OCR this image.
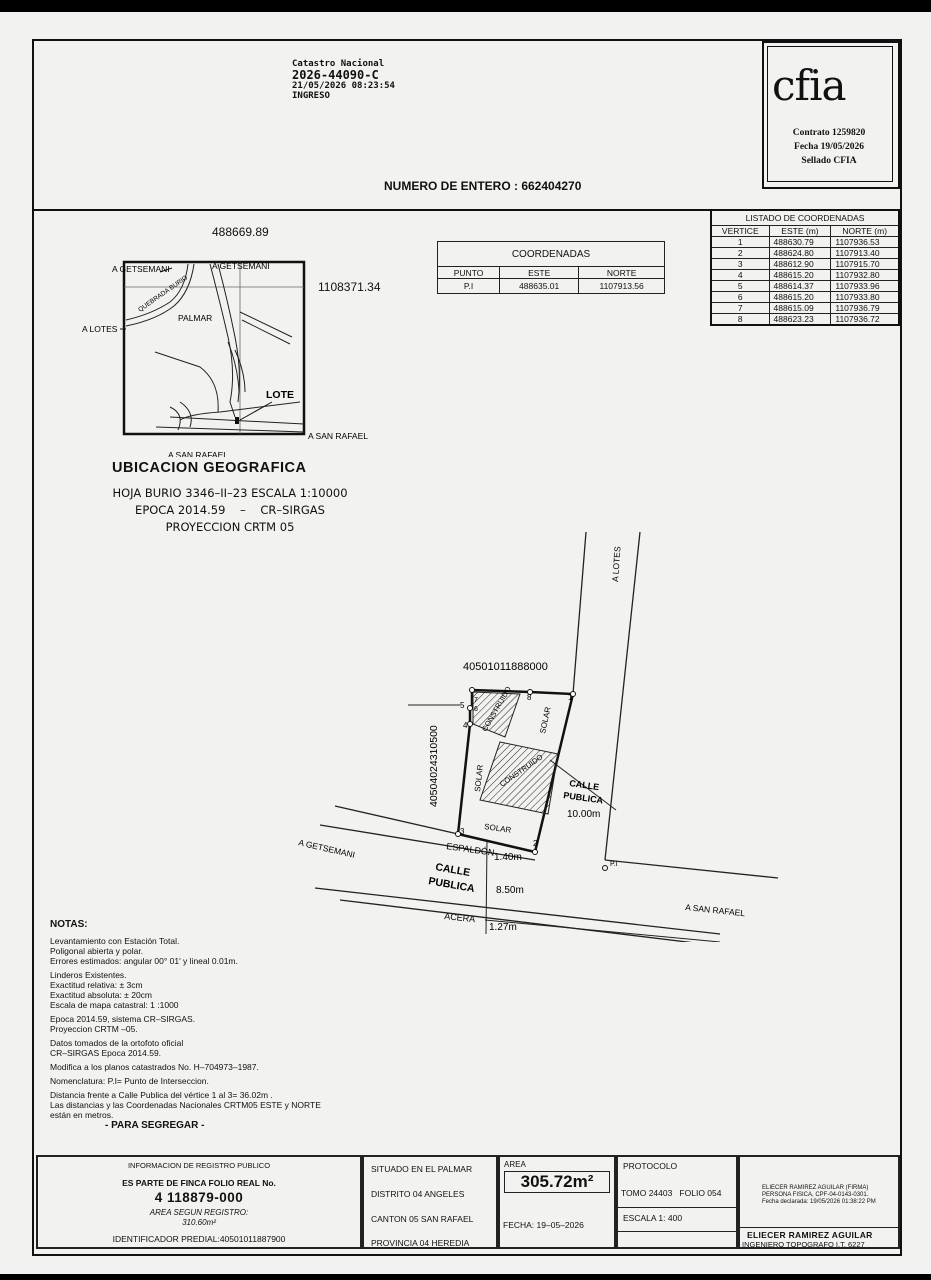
Catastro Nacional
2026-44090-C
21/05/2026 08:23:54
INGRESO
NUMERO DE ENTERO : 662404270
cfia
Contrato 1259820
Fecha 19/05/2026
Sellado CFIA
488669.89
1108371.34
A GETSEMANI	A GETSEMANI
A LOTES
QUEBRADA BURIO
PALMAR
LOTE
A SAN RAFAEL
A SAN RAFAEL
UBICACION GEOGRAFICA
HOJA BURIO 3346–II–23 ESCALA 1:10000
EPOCA 2014.59    –    CR–SIRGAS
PROYECCION CRTM 05
COORDENADAS		
PUNTO	ESTE	NORTE
P.I	488635.01	1107913.56
LISTADO DE COORDENADAS		
VERTICE	ESTE (m)	NORTE (m)
1	488630.79	1107936.53
2	488624.80	1107913.40
3	488612.90	1107915.70
4	488615.20	1107932.80
5	488614.37	1107933.96
6	488615.20	1107933.80
7	488615.09	1107936.79
8	488623.23	1107936.72
1
2
3
4
5 6
7	8
40501011888000
40504024310500
A LOTES
A GETSEMANI
A SAN RAFAEL
CALLE
PUBLICA
10.00m
SOLAR
SOLAR
SOLAR
CONSTRUIDO
CONSTRUIDO
ESPALDÓN
1.40m
CALLE
PUBLICA 8.50m
ACERA
1.27m
P.I
NOTAS:
Levantamiento con Estación Total.
Poligonal abierta y polar.
Errores estimados: angular 00° 01' y lineal 0.01m.
Linderos Existentes.
Exactitud relativa: ± 3cm
Exactitud absoluta: ± 20cm
Escala de mapa catastral: 1 :1000
Epoca 2014.59, sistema CR–SIRGAS.
Proyeccion CRTM –05.
Datos tomados de la ortofoto oficial
CR–SIRGAS Epoca 2014.59.
Modifica a los planos catastrados No. H–704973–1987.
Nomenclatura: P.I= Punto de Interseccion.
Distancia frente a Calle Publica del vértice 1 al 3= 36.02m .
Las distancias y las Coordenadas Nacionales CRTM05 ESTE y NORTE
están en metros.
- PARA SEGREGAR -
INFORMACION DE REGISTRO PUBLICO
ES PARTE DE FINCA FOLIO REAL No.
4 118879-000
AREA SEGUN REGISTRO:
310.60m²
IDENTIFICADOR PREDIAL:40501011887900
SITUADO EN EL PALMAR
DISTRITO 04 ANGELES
CANTON 05 SAN RAFAEL
PROVINCIA 04 HEREDIA
AREA
305.72m²
FECHA: 19–05–2026
PROTOCOLO
TOMO 24403   FOLIO 054
ESCALA 1: 400
ELIECER RAMIREZ AGUILAR (FIRMA)
PERSONA FISICA, CPF-04-0143-0301.
Fecha declarada: 19/05/2026 01:38:22 PM
ELIECER RAMIREZ AGUILAR
INGENIERO TOPOGRAFO I.T. 6227
